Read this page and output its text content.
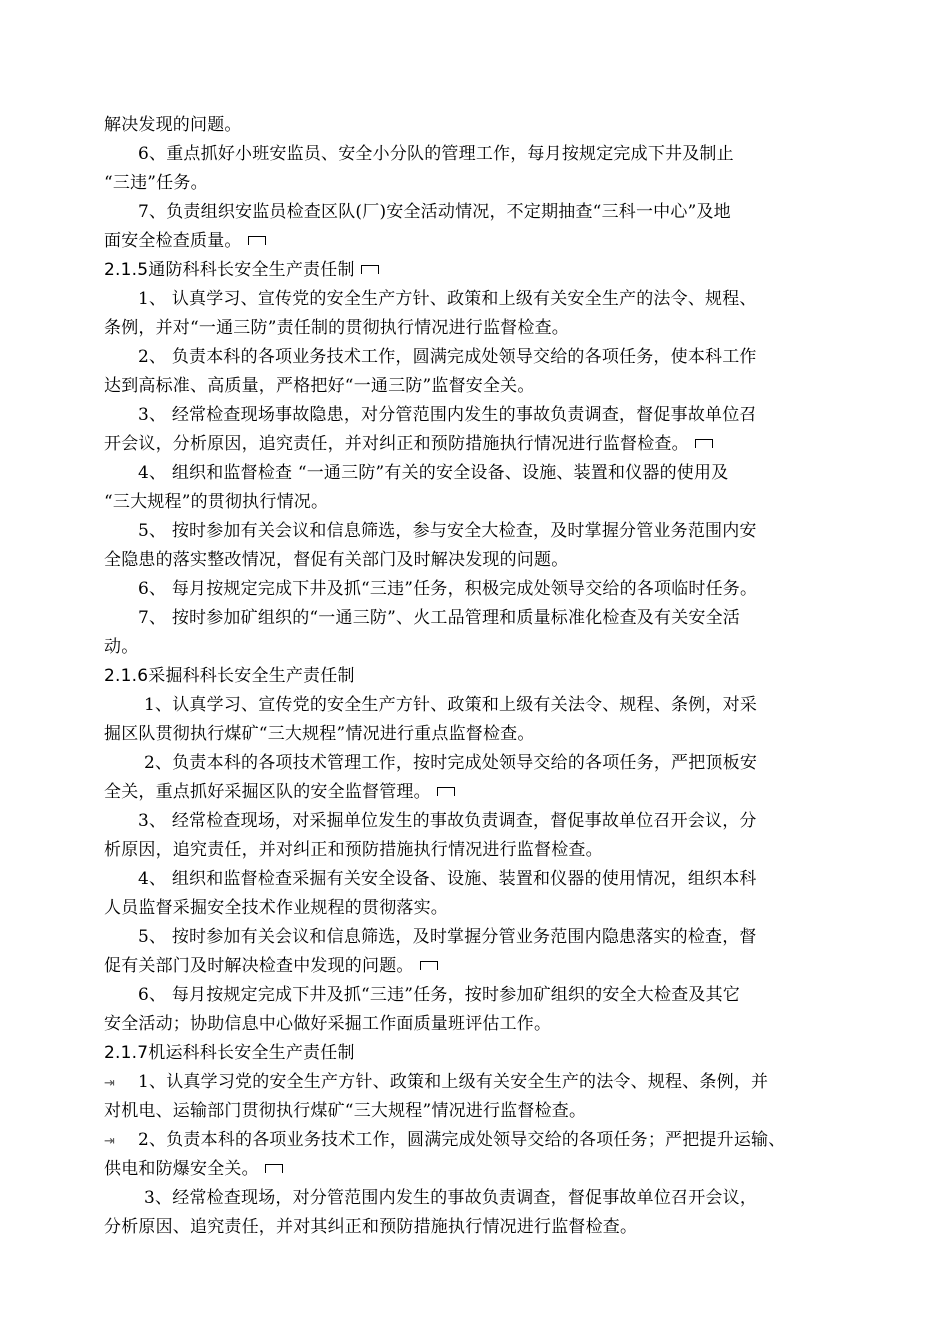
解决发现的问题。
6、重点抓好小班安监员、安全小分队的管理工作，每月按规定完成下井及制止
“三违”任务。
7、负责组织安监员检查区队(厂)安全活动情况，不定期抽查“三科一中心”及地
面安全检查质量。
2.1.5通防科科长安全生产责任制
1、 认真学习、宣传党的安全生产方针、政策和上级有关安全生产的法令、规程、
条例，并对“一通三防”责任制的贯彻执行情况进行监督检查。
2、 负责本科的各项业务技术工作，圆满完成处领导交给的各项任务，使本科工作
达到高标准、高质量，严格把好“一通三防”监督安全关。
3、 经常检查现场事故隐患，对分管范围内发生的事故负责调查，督促事故单位召
开会议，分析原因，追究责任，并对纠正和预防措施执行情况进行监督检查。
4、 组织和监督检查 “一通三防”有关的安全设备、设施、装置和仪器的使用及
“三大规程”的贯彻执行情况。
5、 按时参加有关会议和信息筛选，参与安全大检查，及时掌握分管业务范围内安
全隐患的落实整改情况，督促有关部门及时解决发现的问题。
6、 每月按规定完成下井及抓“三违”任务，积极完成处领导交给的各项临时任务。
7、 按时参加矿组织的“一通三防”、火工品管理和质量标准化检查及有关安全活
动。
2.1.6采掘科科长安全生产责任制
1、认真学习、宣传党的安全生产方针、政策和上级有关法令、规程、条例，对采
掘区队贯彻执行煤矿“三大规程”情况进行重点监督检查。
2、负责本科的各项技术管理工作，按时完成处领导交给的各项任务，严把顶板安
全关，重点抓好采掘区队的安全监督管理。
3、 经常检查现场，对采掘单位发生的事故负责调查，督促事故单位召开会议，分
析原因，追究责任，并对纠正和预防措施执行情况进行监督检查。
4、 组织和监督检查采掘有关安全设备、设施、装置和仪器的使用情况，组织本科
人员监督采掘安全技术作业规程的贯彻落实。
5、 按时参加有关会议和信息筛选，及时掌握分管业务范围内隐患落实的检查，督
促有关部门及时解决检查中发现的问题。
6、 每月按规定完成下井及抓“三违”任务，按时参加矿组织的安全大检查及其它
安全活动；协助信息中心做好采掘工作面质量班评估工作。
2.1.7机运科科长安全生产责任制
⇥ 1、认真学习党的安全生产方针、政策和上级有关安全生产的法令、规程、条例，并
对机电、运输部门贯彻执行煤矿“三大规程”情况进行监督检查。
⇥ 2、负责本科的各项业务技术工作，圆满完成处领导交给的各项任务；严把提升运输、
供电和防爆安全关。
3、经常检查现场，对分管范围内发生的事故负责调查，督促事故单位召开会议，
分析原因、追究责任，并对其纠正和预防措施执行情况进行监督检查。
